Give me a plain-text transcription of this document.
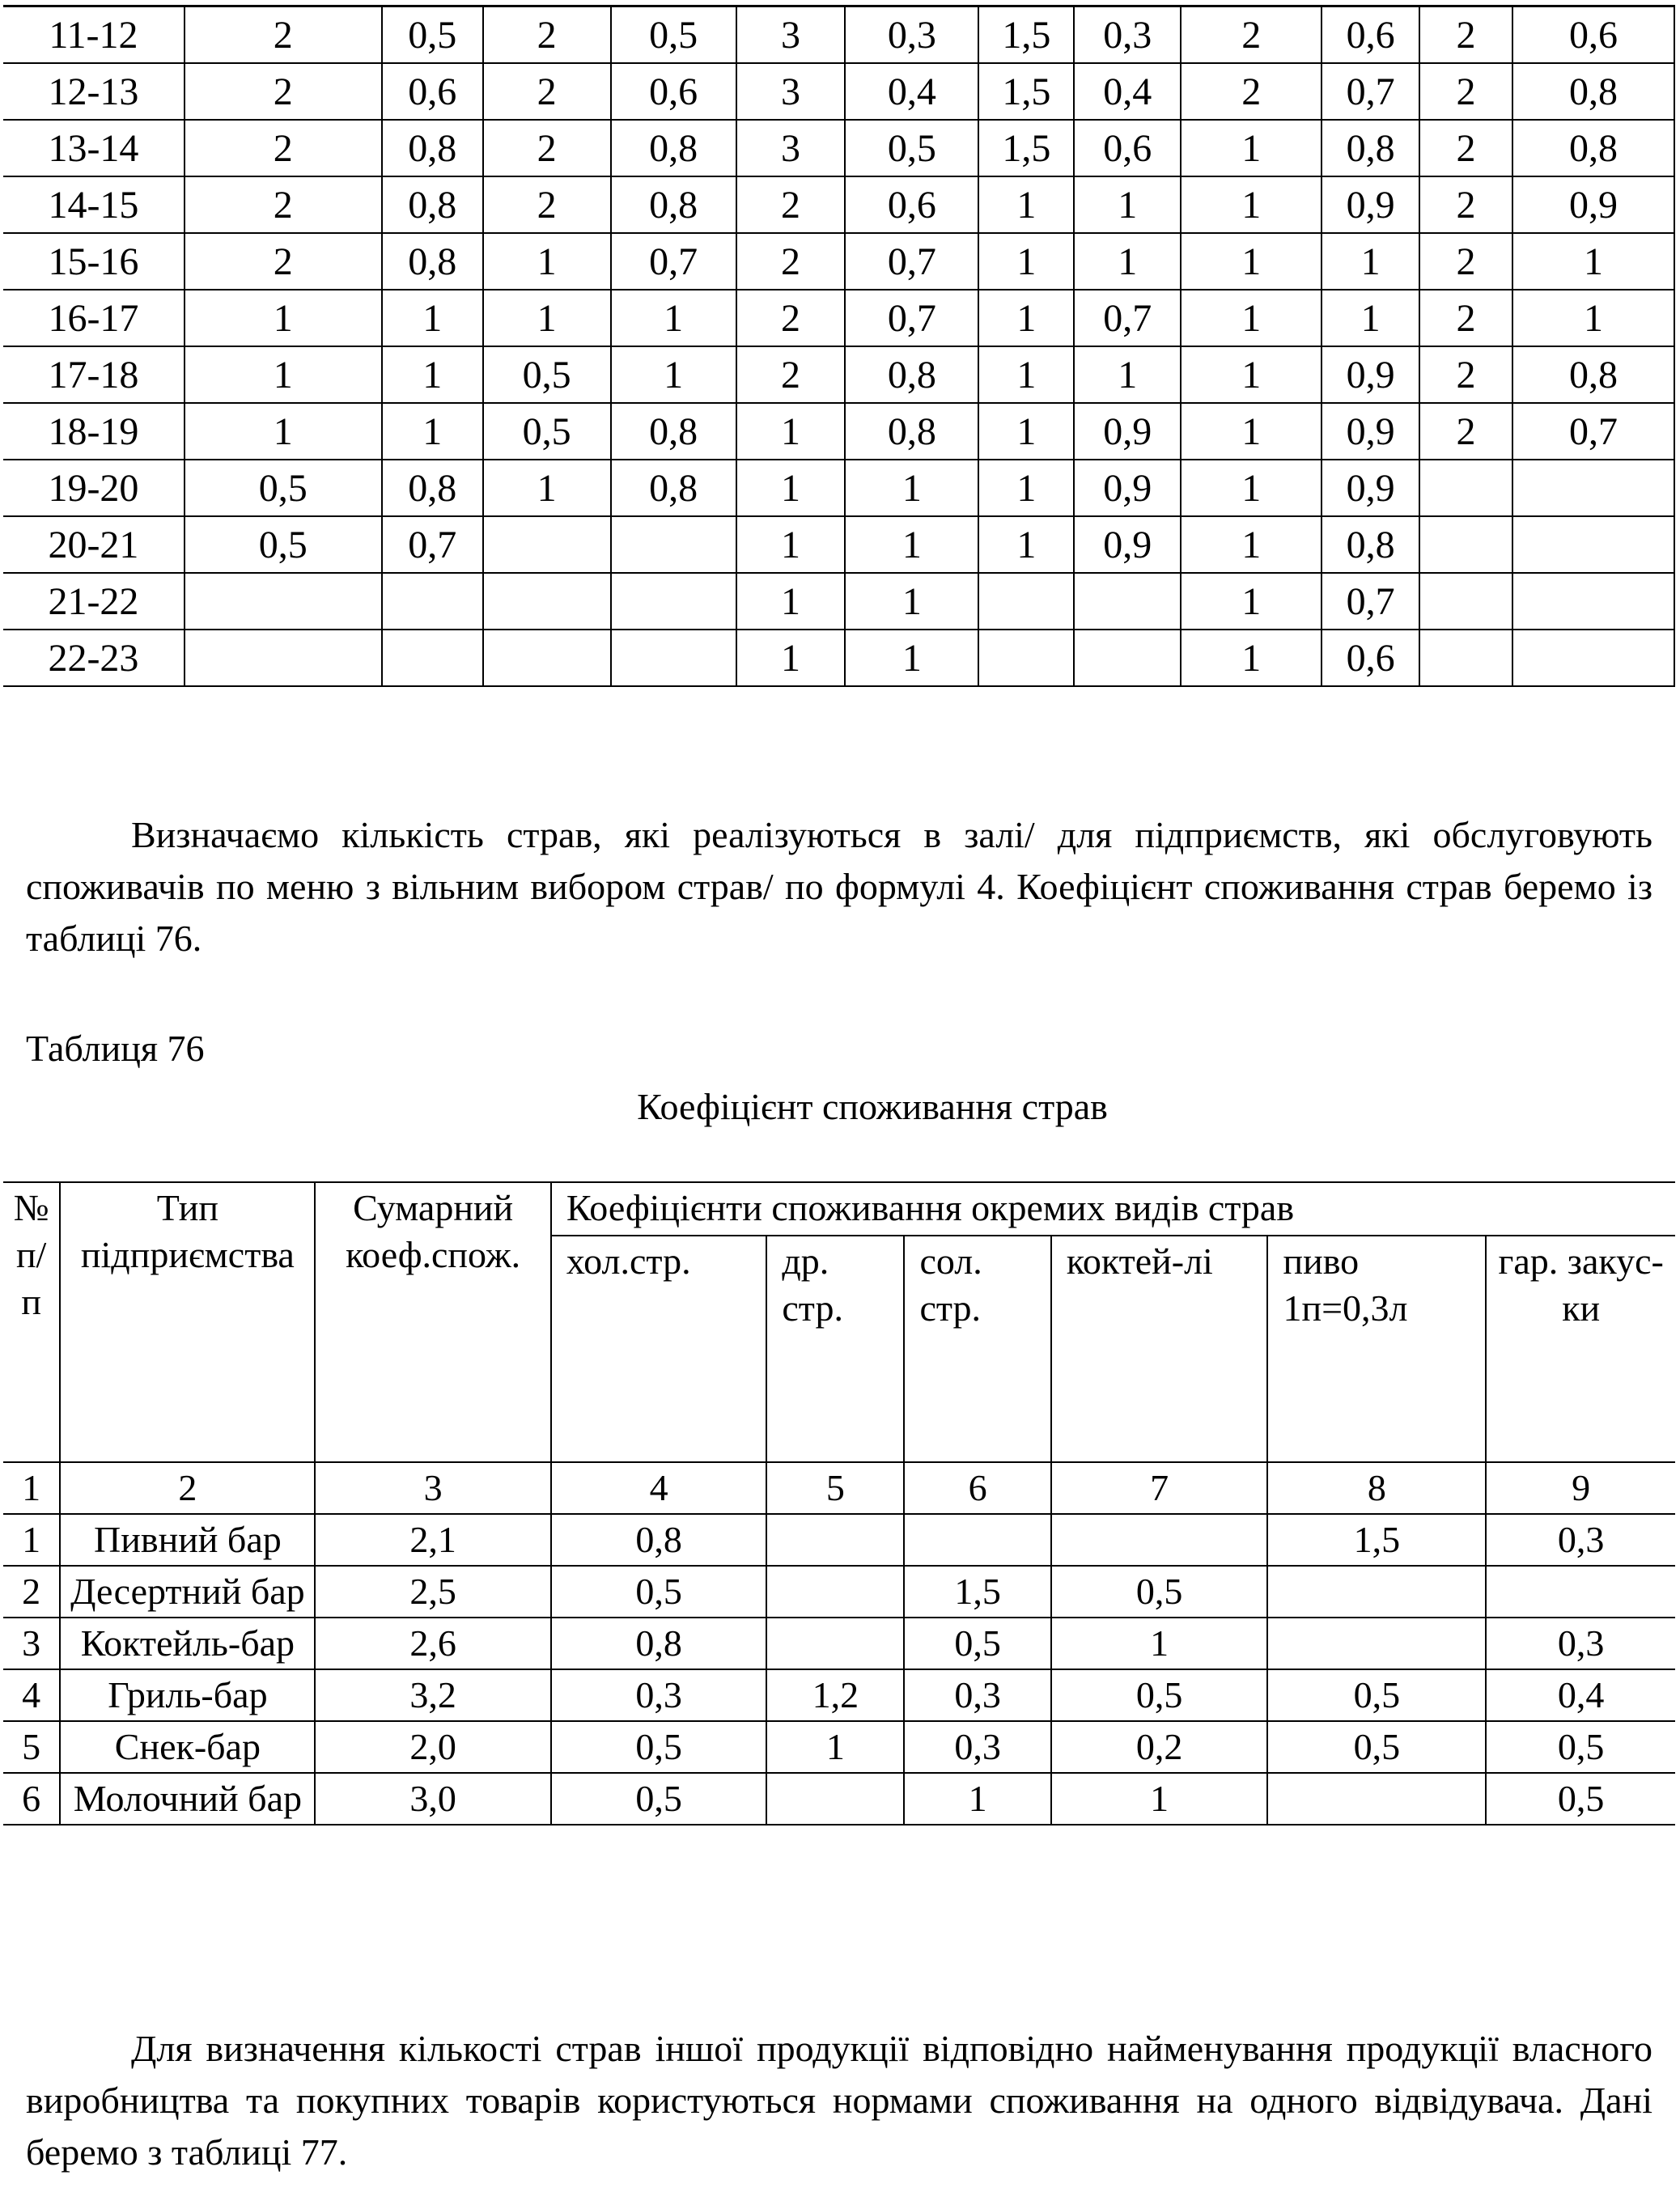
11-12	2	0,5	2	0,5	3	0,3	1,5	0,3	2	0,6	2	0,6
12-13	2	0,6	2	0,6	3	0,4	1,5	0,4	2	0,7	2	0,8
13-14	2	0,8	2	0,8	3	0,5	1,5	0,6	1	0,8	2	0,8
14-15	2	0,8	2	0,8	2	0,6	1	1	1	0,9	2	0,9
15-16	2	0,8	1	0,7	2	0,7	1	1	1	1	2	1
16-17	1	1	1	1	2	0,7	1	0,7	1	1	2	1
17-18	1	1	0,5	1	2	0,8	1	1	1	0,9	2	0,8
18-19	1	1	0,5	0,8	1	0,8	1	0,9	1	0,9	2	0,7
19-20	0,5	0,8	1	0,8	1	1	1	0,9	1	0,9		
20-21	0,5	0,7			1	1	1	0,9	1	0,8		
21-22					1	1			1	0,7		
22-23					1	1			1	0,6		
Визначаємо кількість страв, які реалізуються в залі/ для підприємств, які обслуговують споживачів по меню з вільним вибором страв/ по формулі 4. Коефіцієнт споживання страв беремо із таблиці 76.
Таблиця 76
Коефіцієнт споживання страв
№ п/п	Тип підприємства	Сумарний коеф.спож.	Коефіцієнти споживання окремих видів страв					
			хол.стр.	др. стр.	сол. стр.	коктей-лі	пиво 1п=0,3л	гар. закус-ки
1	2	3	4	5	6	7	8	9
1	Пивний бар	2,1	0,8				1,5	0,3
2	Десертний бар	2,5	0,5		1,5	0,5		
3	Коктейль-бар	2,6	0,8		0,5	1		0,3
4	Гриль-бар	3,2	0,3	1,2	0,3	0,5	0,5	0,4
5	Снек-бар	2,0	0,5	1	0,3	0,2	0,5	0,5
6	Молочний бар	3,0	0,5		1	1		0,5
Для визначення кількості страв іншої продукції відповідно найменування продукції власного виробництва та покупних товарів користуються нормами споживання на одного відвідувача. Дані беремо з таблиці 77.
